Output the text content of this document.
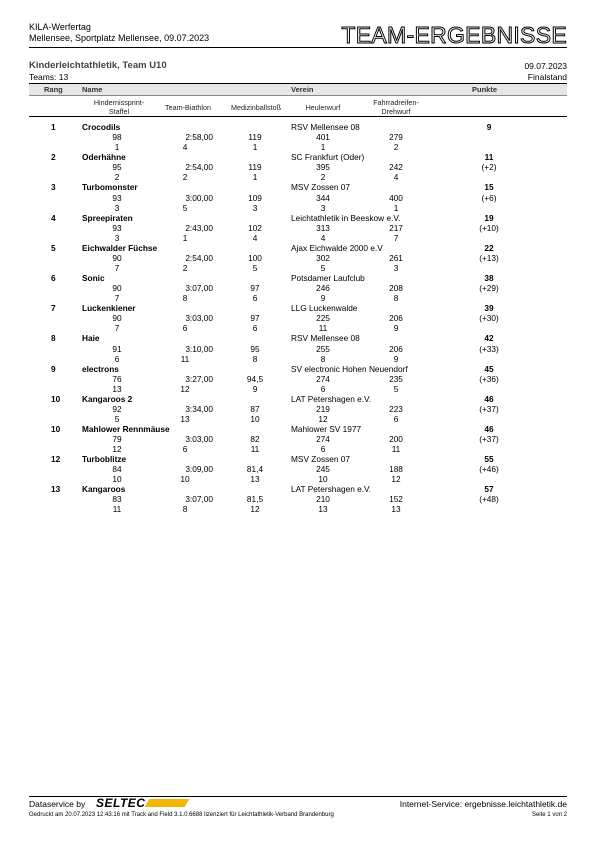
KILA-Werfertag
Mellensee, Sportplatz Mellensee, 09.07.2023	TEAM-ERGEBNISSE
Kinderleichtathletik, Team U10
Teams: 13
09.07.2023
Finalstand
Rang	Name	Verein	Punkte
Hindernissprint-
Staffel	Team-Biathlon	Medizinballstoß	Heulerwurf
Fahrradreifen-
Drehwurf
1	Crocodils	RSV Mellensee 08	9
98	2:58,00	119	401	279
1	4	1	1	2
2	Oderhähne	SC Frankfurt (Oder)	11
95	2:54,00	119	395	242	(+2)
2	2	1	2	4
3	Turbomonster	MSV Zossen 07	15
93	3:00,00	109	344	400	(+6)
3	5	3	3	1
4	Spreepiraten	Leichtathletik in Beeskow e.V.	19
93	2:43,00	102	313	217	(+10)
3	1	4	4	7
5	Eichwalder Füchse	Ajax Eichwalde 2000 e.V	22
90	2:54,00	100	302	261	(+13)
7	2	5	5	3
6	Sonic	Potsdamer Laufclub	38
90	3:07,00	97	246	208	(+29)
7	8	6	9	8
7	Luckenkiener	LLG Luckenwalde	39
90	3:03,00	97	225	206	(+30)
7	6	6	11	9
8	Haie	RSV Mellensee 08	42
91	3:10,00	95	255	206	(+33)
6	11	8	8	9
9	electrons	SV electronic Hohen Neuendorf	45
76	3:27,00	94,5	274	235	(+36)
13	12	9	6	5
10	Kangaroos 2	LAT Petershagen e.V.	46
92	3:34,00	87	219	223	(+37)
5	13	10	12	6
10	Mahlower Rennmäuse	Mahlower SV 1977	46
79	3:03,00	82	274	200	(+37)
12	6	11	6	11
12	Turboblitze	MSV Zossen 07	55
84	3:09,00	81,4	245	188	(+46)
10	10	13	10	12
13	Kangaroos	LAT Petershagen e.V.	57
83	3:07,00	81,5	210	152	(+48)
11	8	12	13	13
Dataservice by SELTEC	Internet-Service: ergebnisse.leichtathletik.de
Gedruckt am 20.07.2023 12:43:16 mit Track and Field 3.1.0.6688 lizenziert für Leichtathletik-Verband Brandenburg	Seite 1 von 2
